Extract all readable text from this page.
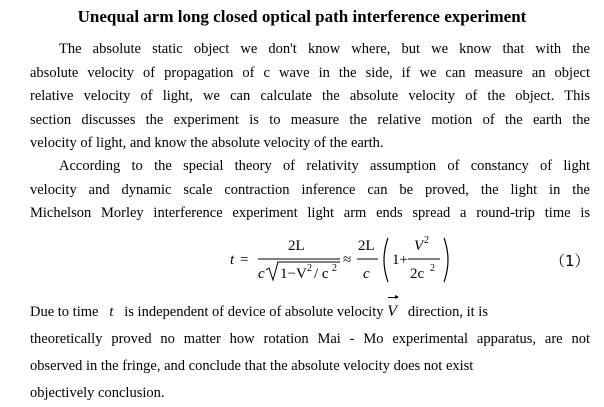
Unequal arm long closed optical path interference experiment
The absolute static object we don't know where, but we know that with the
absolute velocity of propagation of c wave in the side, if we can measure an object
relative velocity of light, we can calculate the absolute velocity of the object. This
section discusses the experiment is to measure the relative motion of the earth the
velocity of light, and know the absolute velocity of the earth.
According to the special theory of relativity assumption of constancy of light
velocity and dynamic scale contraction inference can be proved, the light in the
Michelson Morley interference experiment light arm ends spread a round-trip time is
t =
2L
c 1−V 2 / c 2
≈
2L
c
1+
V 2
2c 2	（1）
Due to time t is independent of device of absolute velocity V direction, it is
theoretically proved no matter how rotation Mai - Mo experimental apparatus, are not
observed in the fringe, and conclude that the absolute velocity does not exist
objectively conclusion.
